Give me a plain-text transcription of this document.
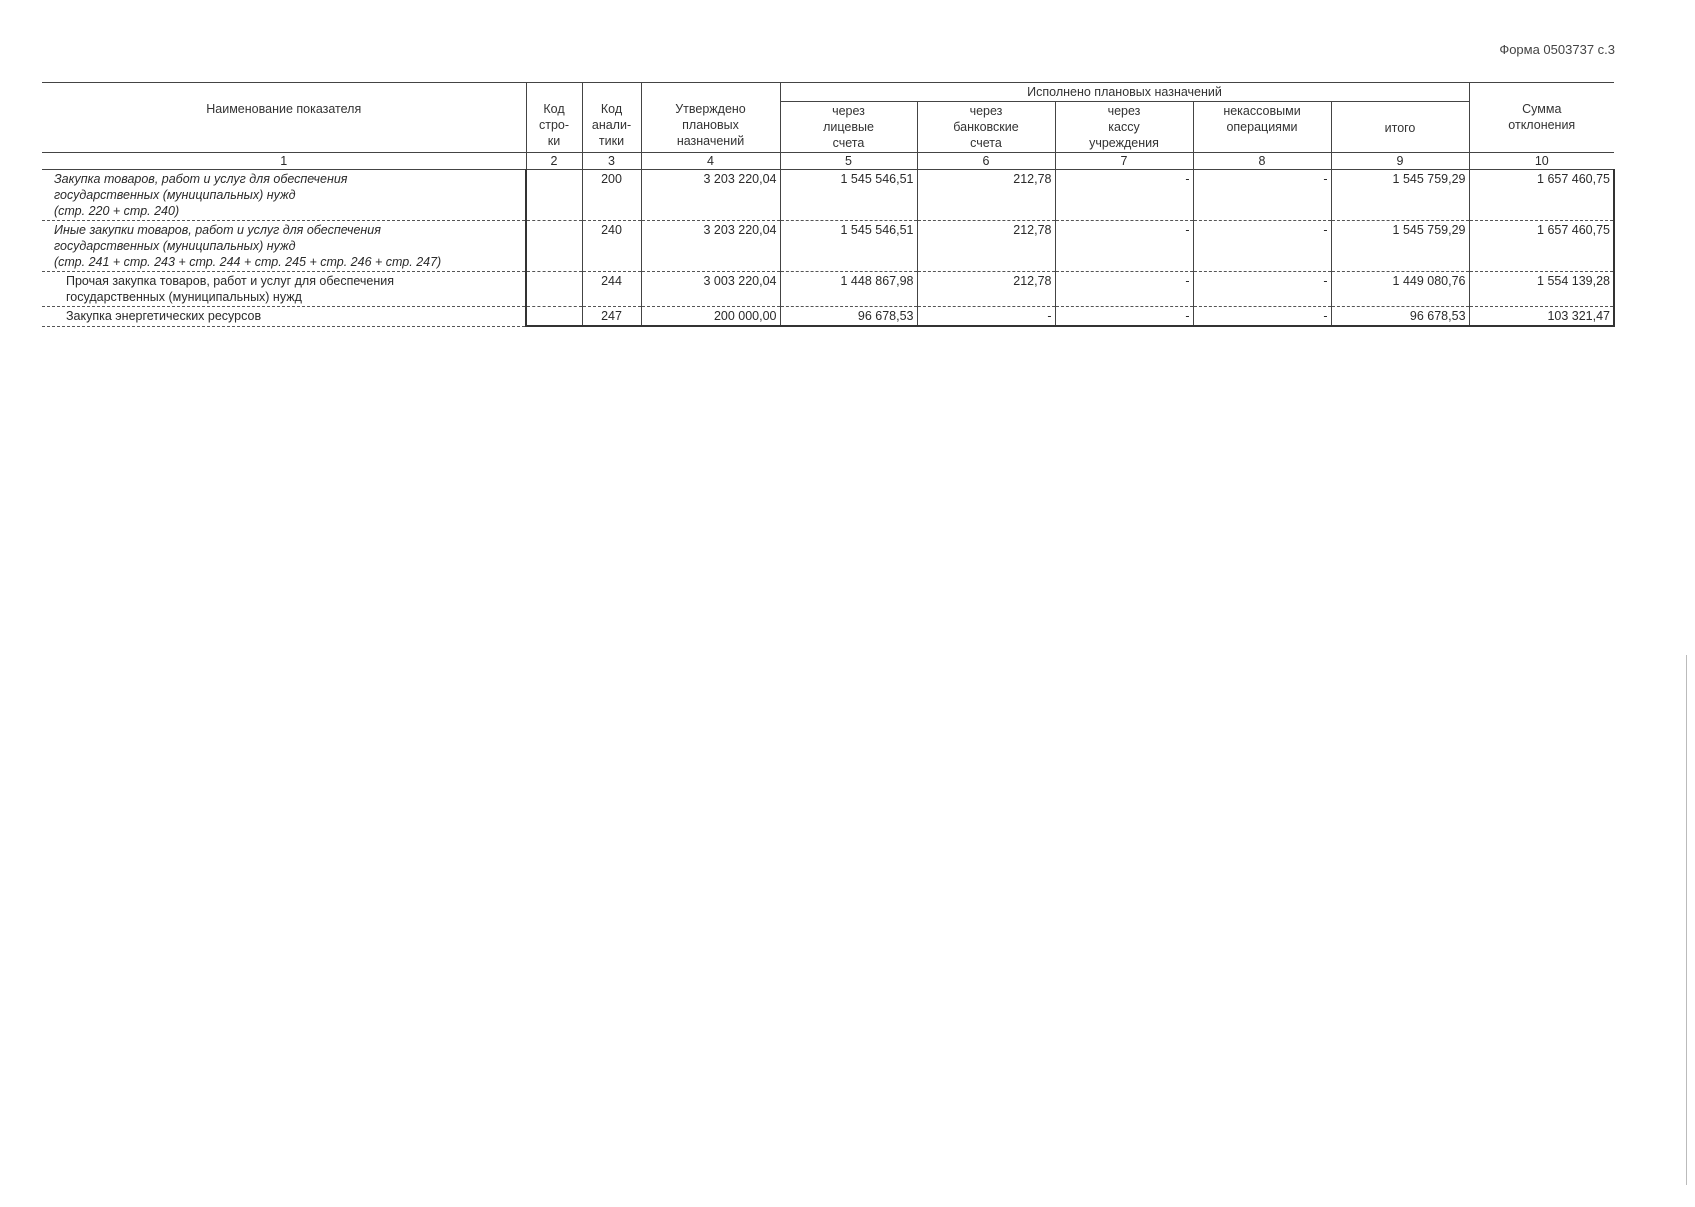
Форма 0503737 с.3
Наименование показателя	Код
стро-
ки	Код
анали-
тики	Утверждено
плановых
назначений	Исполнено плановых назначений					Сумма
отклонения

				через
лицевые
счета	через
банковские
счета	через
кассу
учреждения	некассовыми
операциями	итого	
1	2	3	4	5	6	7	8	9	10

Закупка товаров, работ и услуг для обеспечения
государственных (муниципальных) нужд
(стр. 220 + стр. 240)		200	3 203 220,04	1 545 546,51	212,78	-	-	1 545 759,29	1 657 460,75

Иные закупки товаров, работ и услуг для обеспечения
государственных (муниципальных) нужд
(стр. 241 + стр. 243 + стр. 244 + стр. 245 + стр. 246 + стр. 247)		240	3 203 220,04	1 545 546,51	212,78	-	-	1 545 759,29	1 657 460,75

Прочая закупка товаров, работ и услуг для обеспечения
государственных (муниципальных) нужд		244	3 003 220,04	1 448 867,98	212,78	-	-	1 449 080,76	1 554 139,28

Закупка энергетических ресурсов		247	200 000,00	96 678,53	-	-	-	96 678,53	103 321,47
